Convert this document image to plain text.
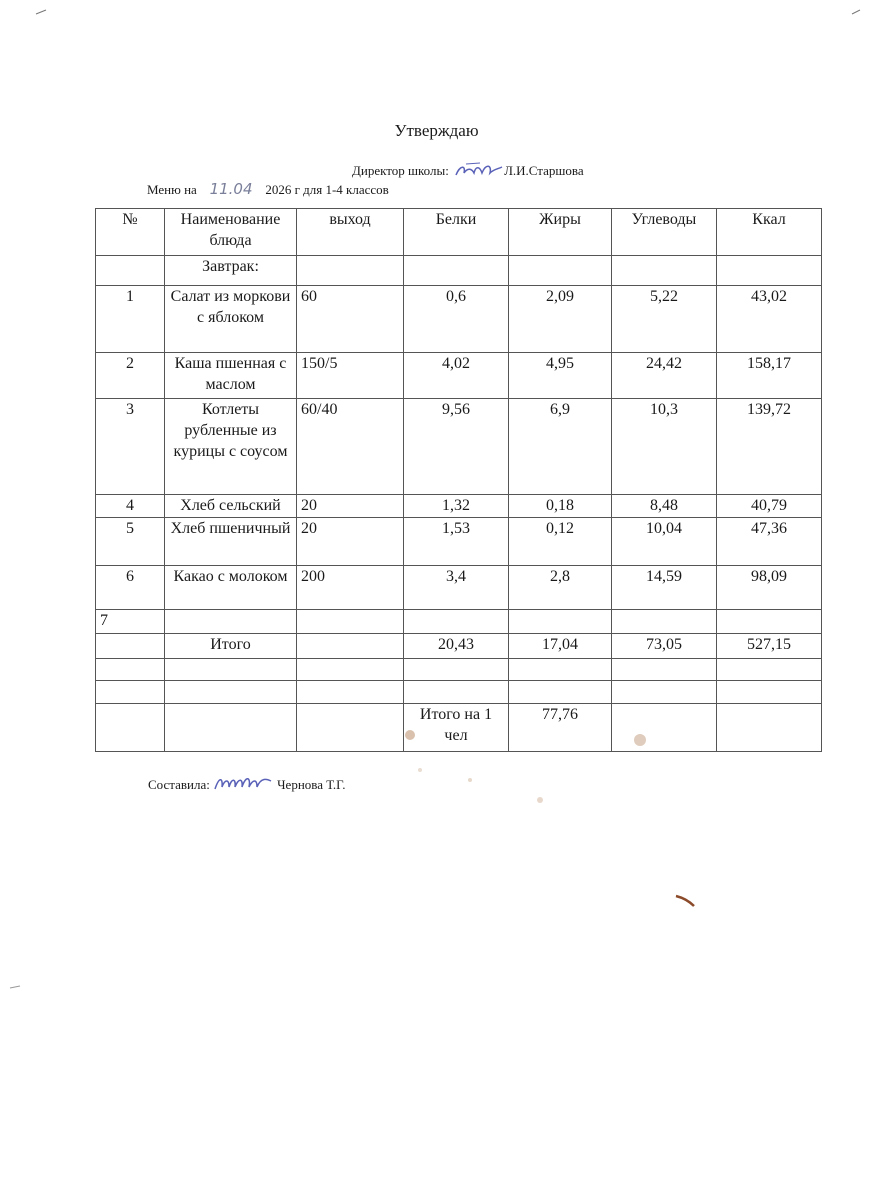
Утверждаю
Директор школы:	Л.И.Старшова
Меню на 11.04 2026 г для 1-4 классов
№	Наименование блюда	выход	Белки	Жиры	Углеводы	Ккал
	Завтрак:					
1	Салат из моркови с яблоком	60	0,6	2,09	5,22	43,02
2	Каша пшенная с маслом	150/5	4,02	4,95	24,42	158,17
3	Котлеты рубленные из курицы с соусом	60/40	9,56	6,9	10,3	139,72
4	Хлеб сельский	20	1,32	0,18	8,48	40,79
5	Хлеб пшеничный	20	1,53	0,12	10,04	47,36
6	Какао с молоком	200	3,4	2,8	14,59	98,09
7						
	Итого		20,43	17,04	73,05	527,15

			Итого на 1 чел	77,76		
Составила:	Чернова Т.Г.
